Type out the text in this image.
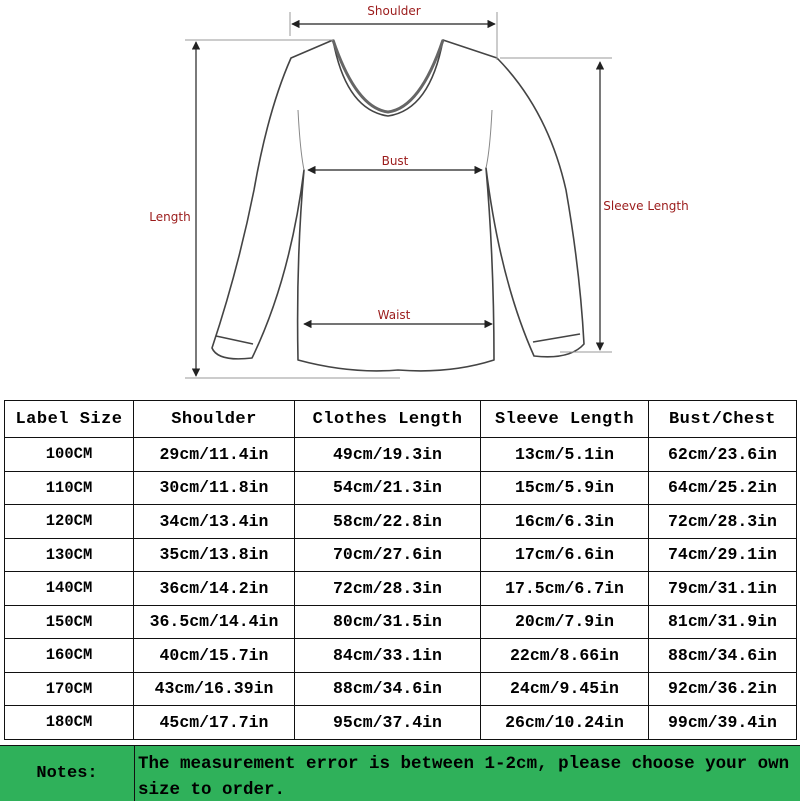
Shoulder
Bust
Length
Sleeve Length
Waist
Label Size	Shoulder	Clothes Length	Sleeve Length	Bust/Chest
100CM	29cm/11.4in	49cm/19.3in	13cm/5.1in	62cm/23.6in
110CM	30cm/11.8in	54cm/21.3in	15cm/5.9in	64cm/25.2in
120CM	34cm/13.4in	58cm/22.8in	16cm/6.3in	72cm/28.3in
130CM	35cm/13.8in	70cm/27.6in	17cm/6.6in	74cm/29.1in
140CM	36cm/14.2in	72cm/28.3in	17.5cm/6.7in	79cm/31.1in
150CM	36.5cm/14.4in	80cm/31.5in	20cm/7.9in	81cm/31.9in
160CM	40cm/15.7in	84cm/33.1in	22cm/8.66in	88cm/34.6in
170CM	43cm/16.39in	88cm/34.6in	24cm/9.45in	92cm/36.2in
180CM	45cm/17.7in	95cm/37.4in	26cm/10.24in	99cm/39.4in
Notes:	The measurement error is between 1-2cm, please choose your own size to order.
